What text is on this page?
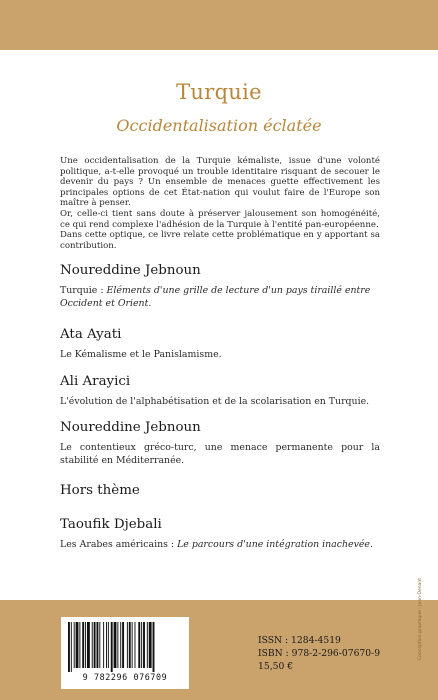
Turquie
Occidentalisation éclatée

Une occidentalisation de la Turquie kémaliste, issue d'une volonté politique, a-t-elle provoqué un trouble identitaire risquant de secouer le devenir du pays ? Un ensemble de menaces guette effectivement les principales options de cet État-nation qui voulut faire de l'Europe son maître à penser.

Or, celle-ci tient sans doute à préserver jalousement son homogénéité, ce qui rend complexe l'adhésion de la Turquie à l'entité pan-européenne.

Dans cette optique, ce livre relate cette problématique en y apportant sa contribution.

Noureddine Jebnoun
Turquie : Eléments d'une grille de lecture d'un pays tiraillé entre Occident et Orient.
Ata Ayati
Le Kémalisme et le Panislamisme.
Ali Arayici
L'évolution de l'alphabétisation et de la scolarisation en Turquie.
Noureddine Jebnoun
Le contentieux gréco-turc, une menace permanente pour la stabilité en Méditerranée.
Hors thème
Taoufik Djebali
Les Arabes américains : Le parcours d'une intégration inachevée.
9 782296 076709
ISSN : 1284-4519
ISBN : 978-2-296-07670-9
15,50 €
Conception graphique : Jean-Denant
